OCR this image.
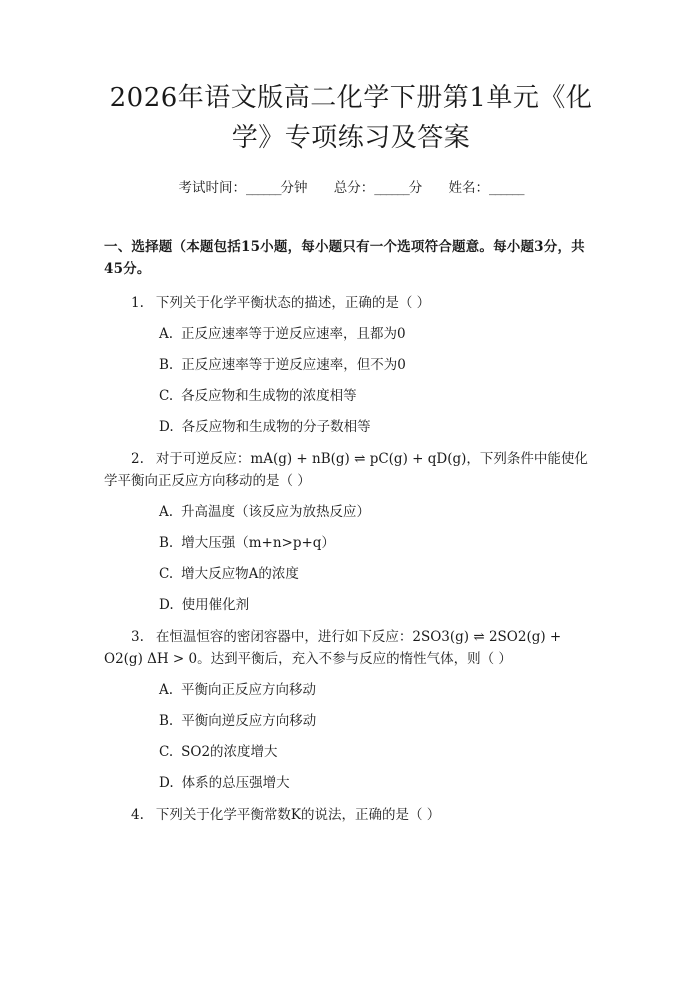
2026年语文版高二化学下册第1单元《化学》专项练习及答案
考试时间：______分钟 总分：______分 姓名：______
一、选择题（本题包括15小题，每小题只有一个选项符合题意。每小题3分，共45分。
1. 下列关于化学平衡状态的描述，正确的是（ ）
A. 正反应速率等于逆反应速率，且都为0
B. 正反应速率等于逆反应速率，但不为0
C. 各反应物和生成物的浓度相等
D. 各反应物和生成物的分子数相等
2. 对于可逆反应：mA(g) + nB(g) ⇌ pC(g) + qD(g)，下列条件中能使化学平衡向正反应方向移动的是（ ）
A. 升高温度（该反应为放热反应）
B. 增大压强（m+n>p+q）
C. 增大反应物A的浓度
D. 使用催化剂
3. 在恒温恒容的密闭容器中，进行如下反应：2SO3(g) ⇌ 2SO2(g) + O2(g) ΔH > 0。达到平衡后，充入不参与反应的惰性气体，则（ ）
A. 平衡向正反应方向移动
B. 平衡向逆反应方向移动
C. SO2的浓度增大
D. 体系的总压强增大
4. 下列关于化学平衡常数K的说法，正确的是（ ）
